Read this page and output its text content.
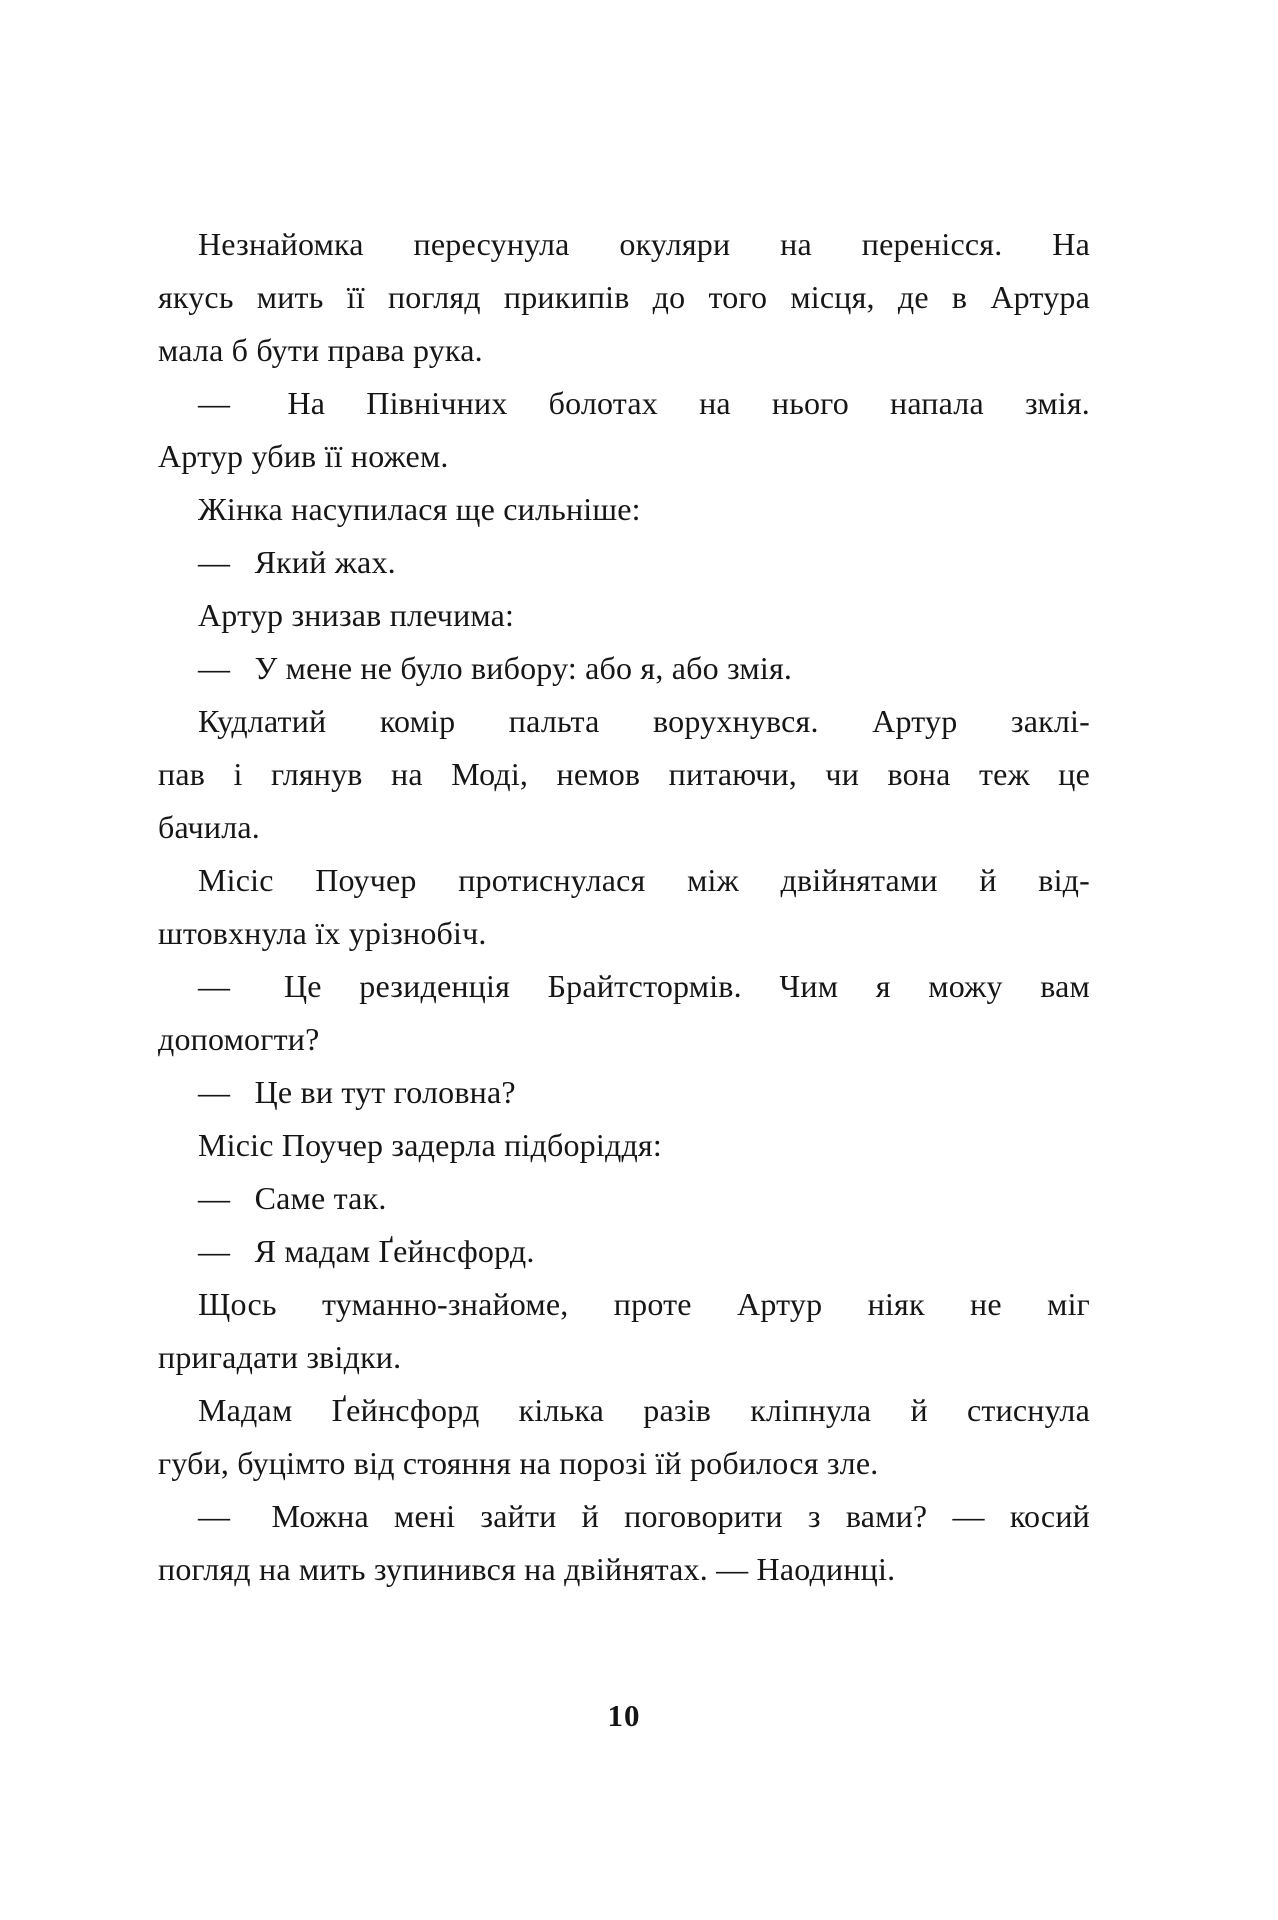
Незнайомка пересунула окуляри на перенісся. На
якусь мить її погляд прикипів до того місця, де в Артура
мала б бути права рука.

—  На Північних болотах на нього напала змія.
Артур убив її ножем.

Жінка насупилася ще сильніше:

—  Який жах.

Артур знизав плечима:

—  У мене не було вибору: або я, або змія.

Кудлатий комір пальта ворухнувся. Артур заклі-
пав і глянув на Моді, немов питаючи, чи вона теж це
бачила.

Місіс Поучер протиснулася між двійнятами й від-
штовхнула їх урізнобіч.

—  Це резиденція Брайтстормів. Чим я можу вам
допомогти?

—  Це ви тут головна?

Місіс Поучер задерла підборіддя:

—  Саме так.

—  Я мадам Ґейнсфорд.

Щось туманно-знайоме, проте Артур ніяк не міг
пригадати звідки.

Мадам Ґейнсфорд кілька разів кліпнула й стиснула
губи, буцімто від стояння на порозі їй робилося зле.

—  Можна мені зайти й поговорити з вами? — косий
погляд на мить зупинився на двійнятах. — Наодинці.

10
